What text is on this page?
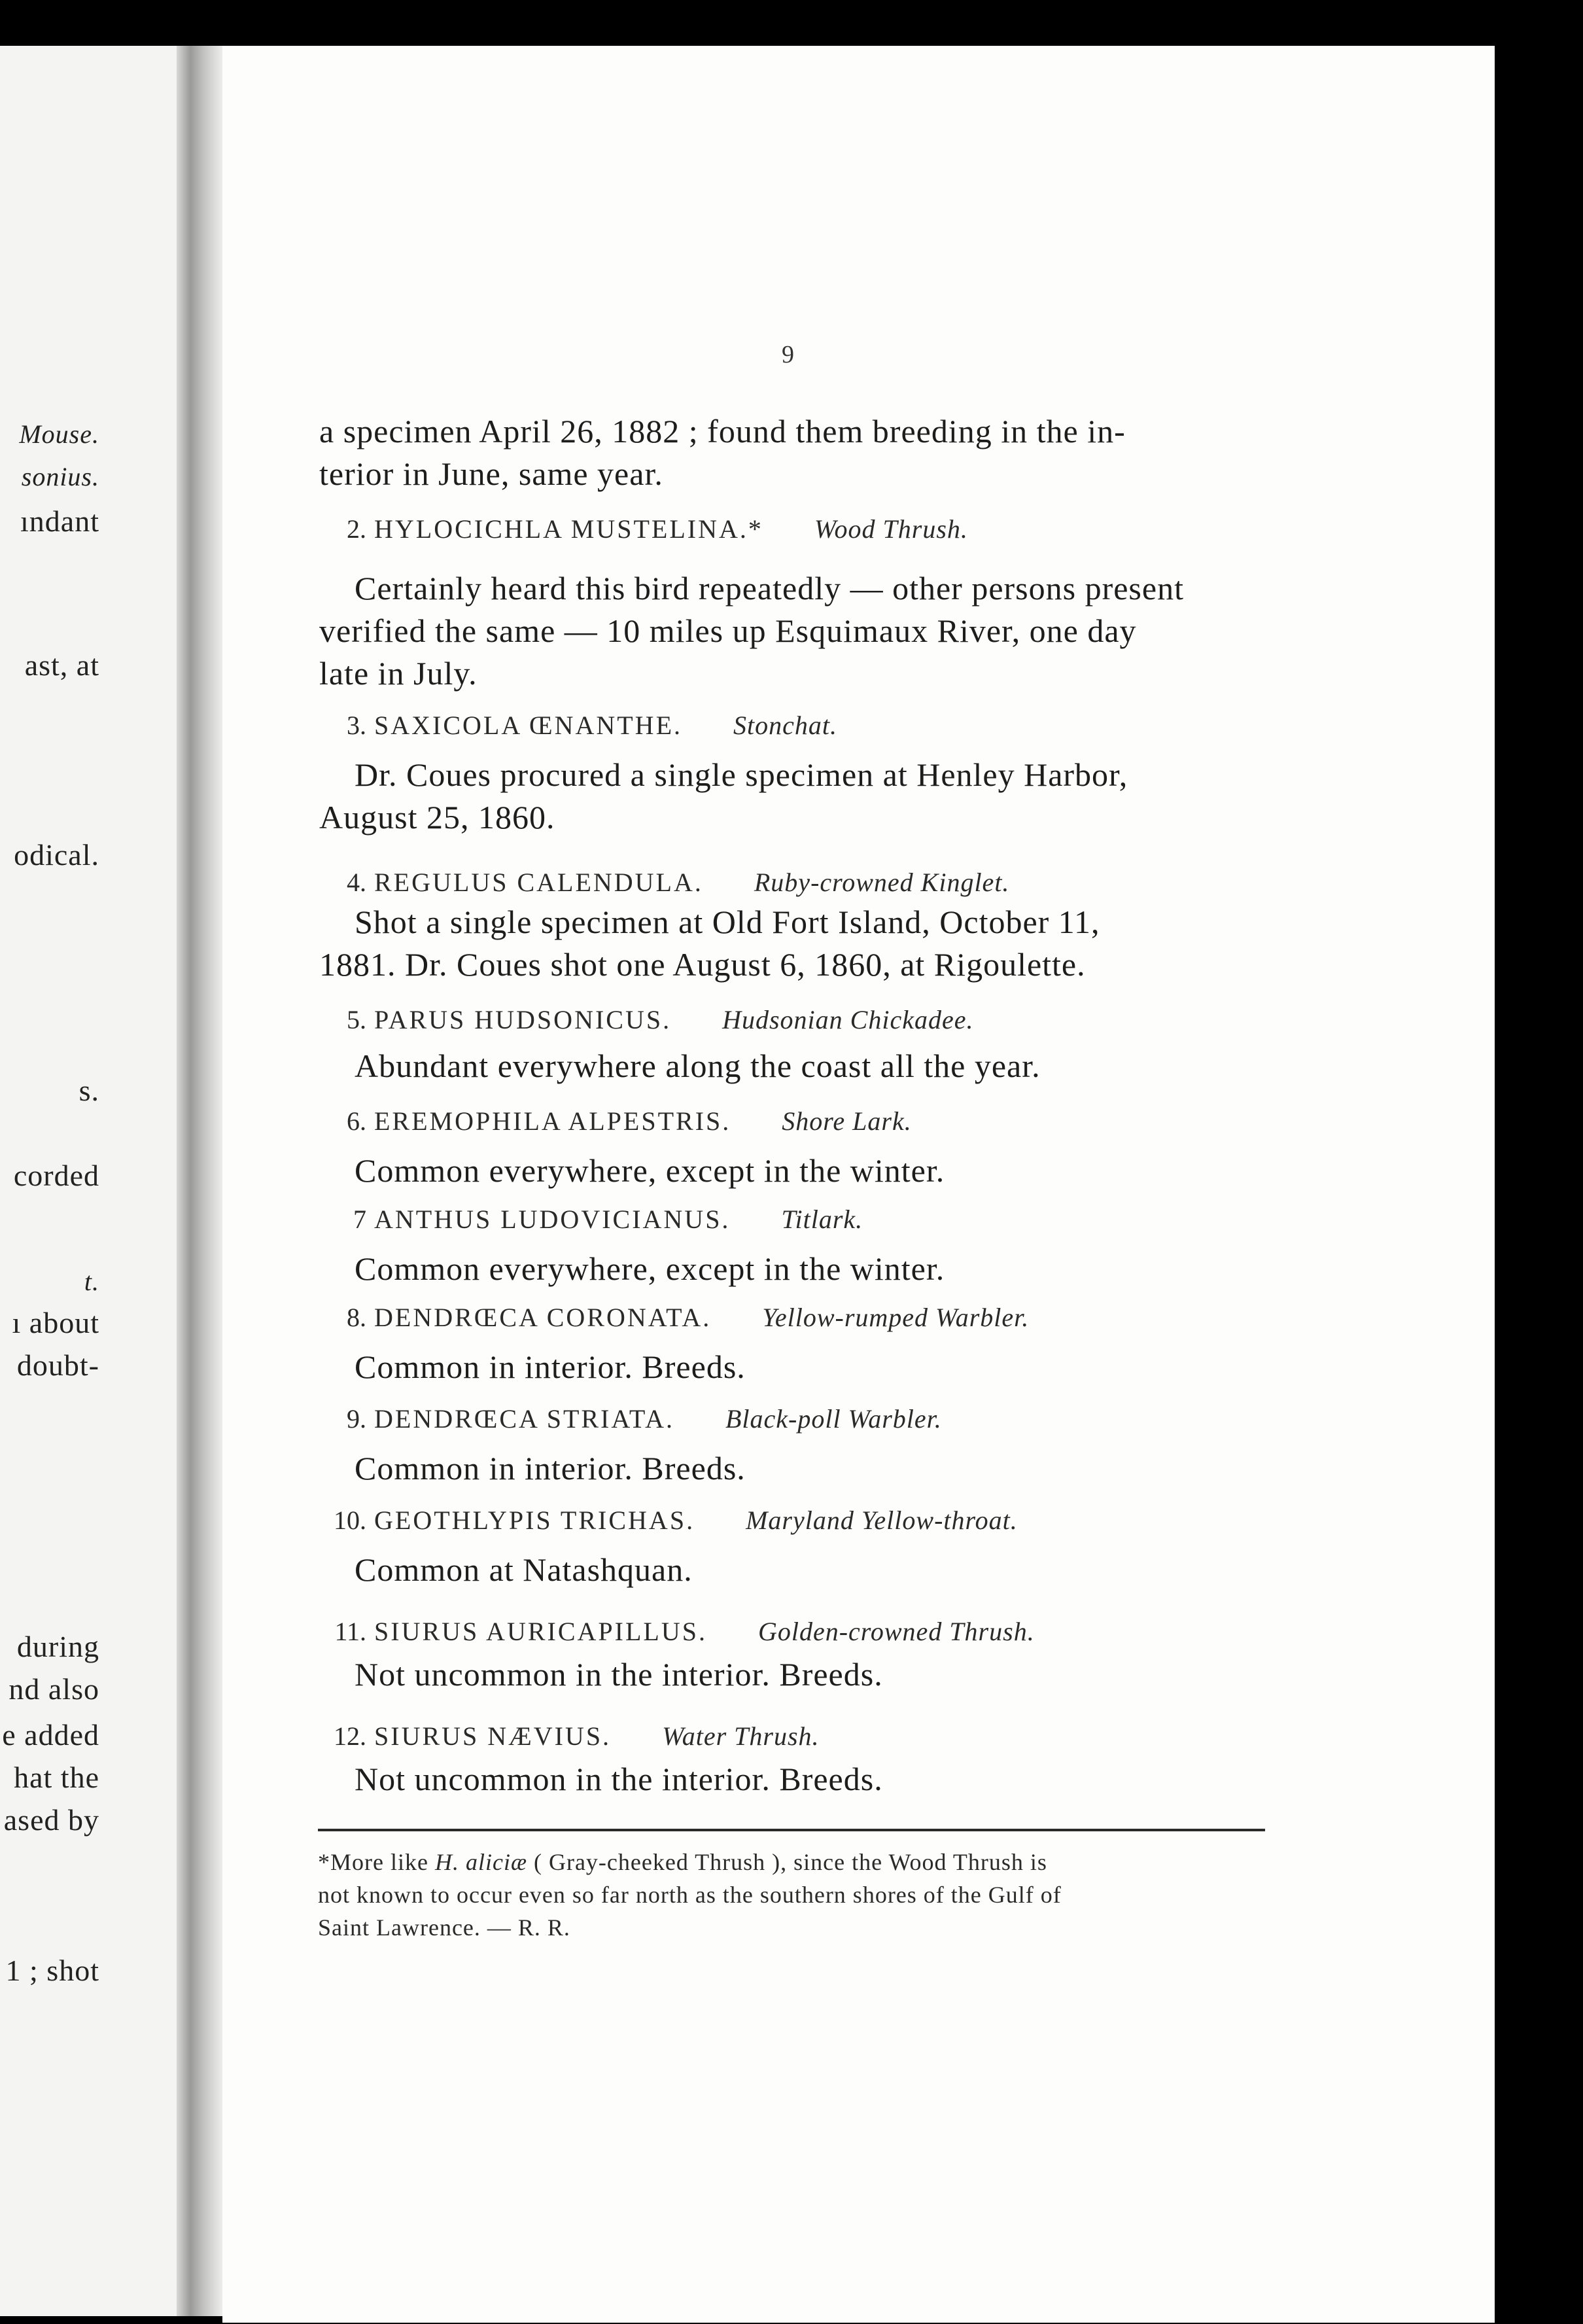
Mouse.
sonius.
ındant
ast, at
odical.
s.
corded
t.
ı about
doubt-
during
nd also
e added
hat the
ased by
1 ; shot
9
a specimen April 26, 1882 ; found them breeding in the in-
terior in June, same year.
2. HYLOCICHLA MUSTELINA.* Wood Thrush.
Certainly heard this bird repeatedly — other persons present
verified the same — 10 miles up Esquimaux River, one day
late in July.
3. SAXICOLA ŒNANTHE. Stonchat.
Dr. Coues procured a single specimen at Henley Harbor,
August 25, 1860.
4. REGULUS CALENDULA. Ruby-crowned Kinglet.
Shot a single specimen at Old Fort Island, October 11,
1881. Dr. Coues shot one August 6, 1860, at Rigoulette.
5. PARUS HUDSONICUS. Hudsonian Chickadee.
Abundant everywhere along the coast all the year.
6. EREMOPHILA ALPESTRIS. Shore Lark.
Common everywhere, except in the winter.
7 ANTHUS LUDOVICIANUS. Titlark.
Common everywhere, except in the winter.
8. DENDRŒCA CORONATA. Yellow-rumped Warbler.
Common in interior. Breeds.
9. DENDRŒCA STRIATA. Black-poll Warbler.
Common in interior. Breeds.
10. GEOTHLYPIS TRICHAS. Maryland Yellow-throat.
Common at Natashquan.
11. SIURUS AURICAPILLUS. Golden-crowned Thrush.
Not uncommon in the interior. Breeds.
12. SIURUS NÆVIUS. Water Thrush.
Not uncommon in the interior. Breeds.
*More like H. aliciæ ( Gray-cheeked Thrush ), since the Wood Thrush is
not known to occur even so far north as the southern shores of the Gulf of
Saint Lawrence. — R. R.
